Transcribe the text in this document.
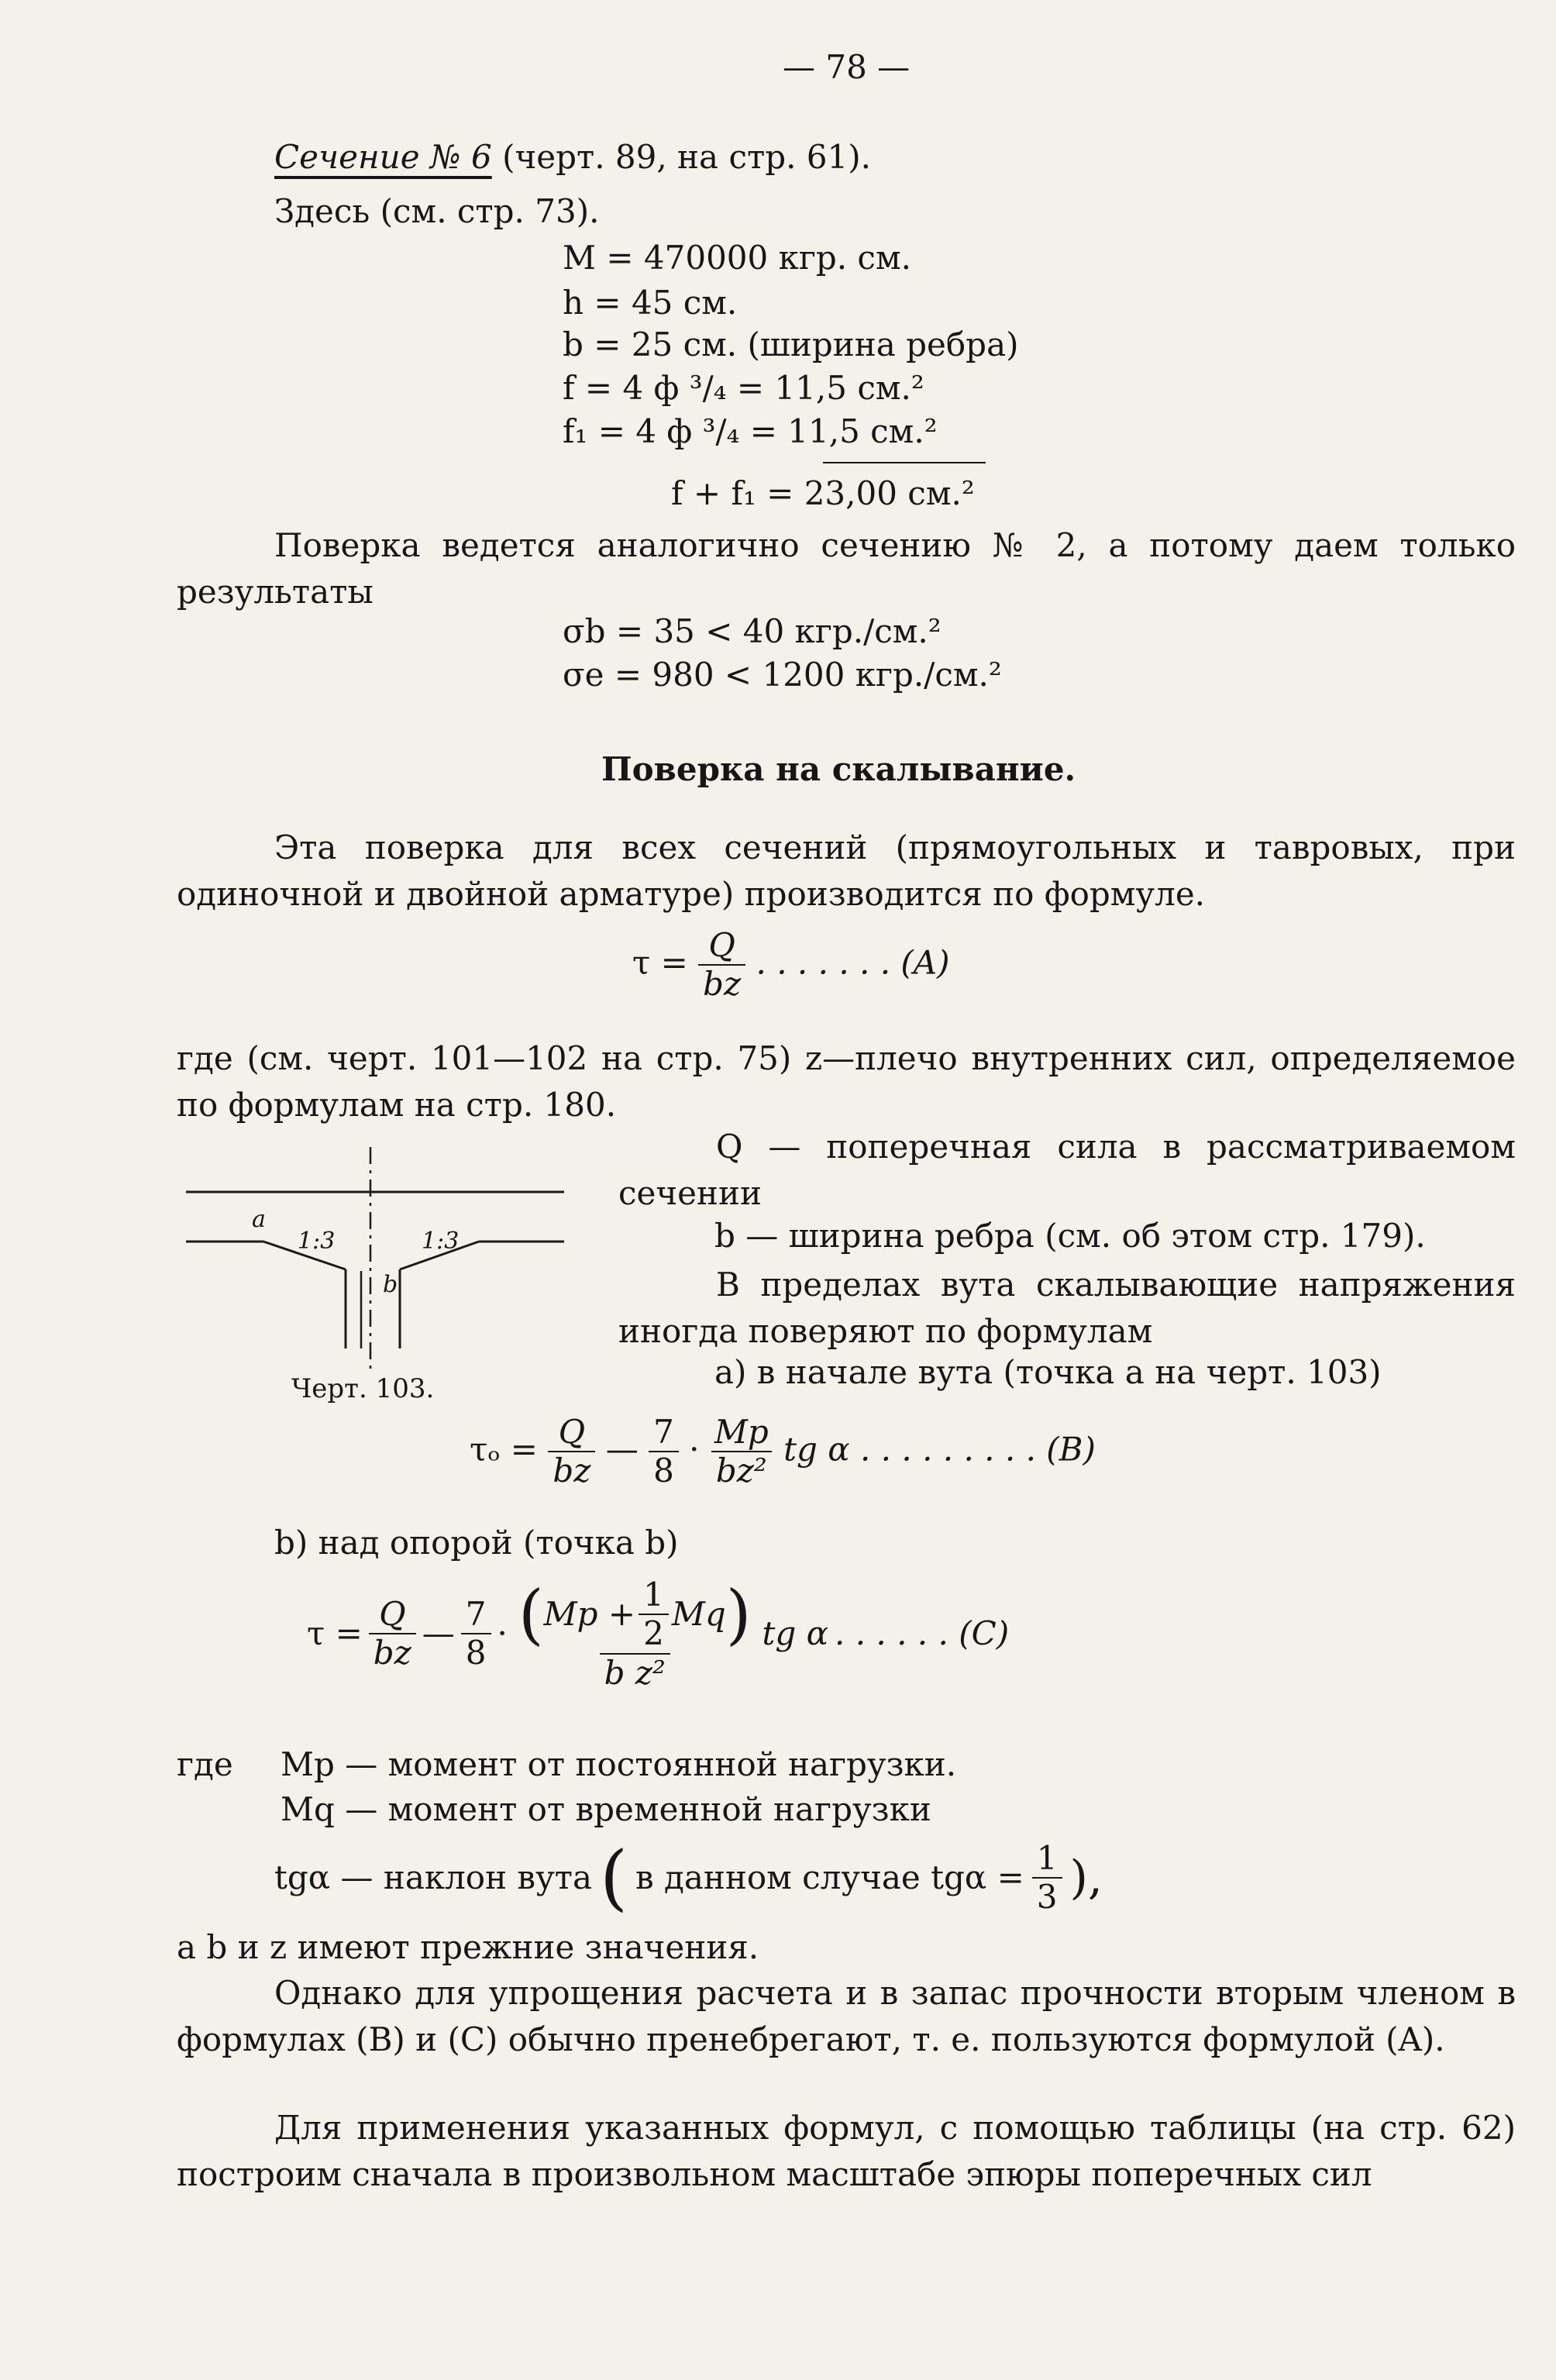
— 78 —
Сечение № 6 (черт. 89, на стр. 61).
Здесь (см. стр. 73).
М = 470000 кгр. см.
h = 45 см.
b = 25 см. (ширина ребра)
f = 4 ф ³/₄ = 11,5 см.²
f₁ = 4 ф ³/₄ = 11,5 см.²
f + f₁ = 23,00 см.²
Поверка ведется аналогично сечению № 2, а потому даем только результаты
σb = 35 < 40 кгр./см.²
σe = 980 < 1200 кгр./см.²
Поверка на скалывание.
Эта поверка для всех сечений (прямоугольных и тавровых, при одиночной и двойной арматуре) производится по формуле.
$\tau = \frac{Q}{bz}$ . . . . . . . (A)
где (см. черт. 101—102 на стр. 75) z—плечо внутренних сил, определяемое по формулам на стр. 180.
a
1:3	1:3
b
Черт. 103.
Q — поперечная сила в рассматриваемом сечении
b — ширина ребра (см. об этом стр. 179).
В пределах вута скалывающие напряжения иногда поверяют по формулам
a) в начале вута (точка a на черт. 103)
$\tau_o = \frac{Q}{bz}$ — $\frac{7}{8} \cdot \frac{Mp}{\text{bz²}}$ tg α . . . . . . . . . (B)
b) над опорой (точка b)
$\tau = \frac{Q}{bz}$ — $\frac{7}{8}$ · ( $Mp + \frac{1}{2}$ Mq )
b z²
tg α . . . . . . (C)
где Mp — момент от постоянной нагрузки.
Mq — момент от временной нагрузки
tgα — наклон вута ( в данном случае $tg\alpha = \frac{1}{3}$ ),
a b и z имеют прежние значения.
Однако для упрощения расчета и в запас прочности вторым членом в формулах (B) и (C) обычно пренебрегают, т. е. пользуются формулой (A).
Для применения указанных формул, с помощью таблицы (на стр. 62) построим сначала в произвольном масштабе эпюры поперечных сил
